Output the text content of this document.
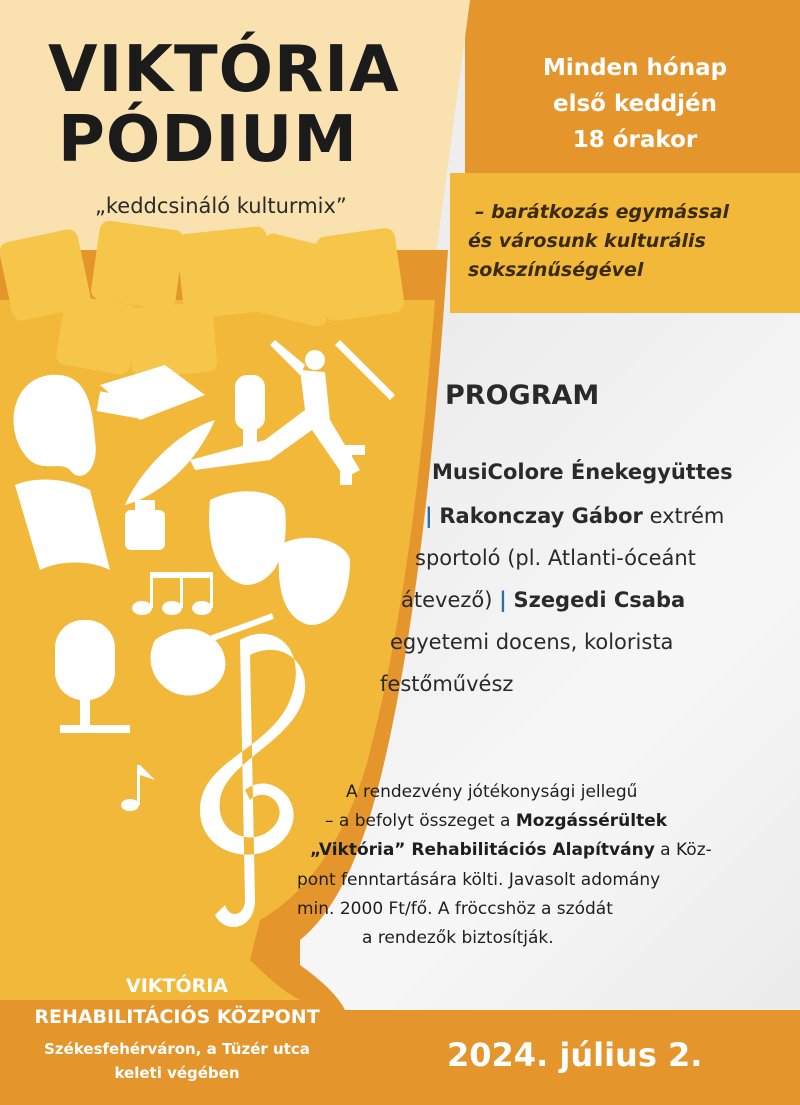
VIKTÓRIA
PÓDIUM
„keddcsináló kulturmix”
Minden hónap
első keddjén
18 órakor
– barátkozás egymással
és városunk kulturális
sokszínűségével
PROGRAM
MusiColore Énekegyüttes
| Rakonczay Gábor extrém
sportoló (pl. Atlanti-óceánt
átevező) | Szegedi Csaba
egyetemi docens, kolorista
festőművész
A rendezvény jótékonysági jellegű
– a befolyt összeget a Mozgássérültek
„Viktória” Rehabilitációs Alapítvány a Köz-
pont fenntartására költi. Javasolt adomány
min. 2000 Ft/fő. A fröccshöz a szódát
a rendezők biztosítják.
VIKTÓRIA
REHABILITÁCIÓS KÖZPONT
Székesfehérváron, a Tüzér utca
keleti végében	2024. július 2.
